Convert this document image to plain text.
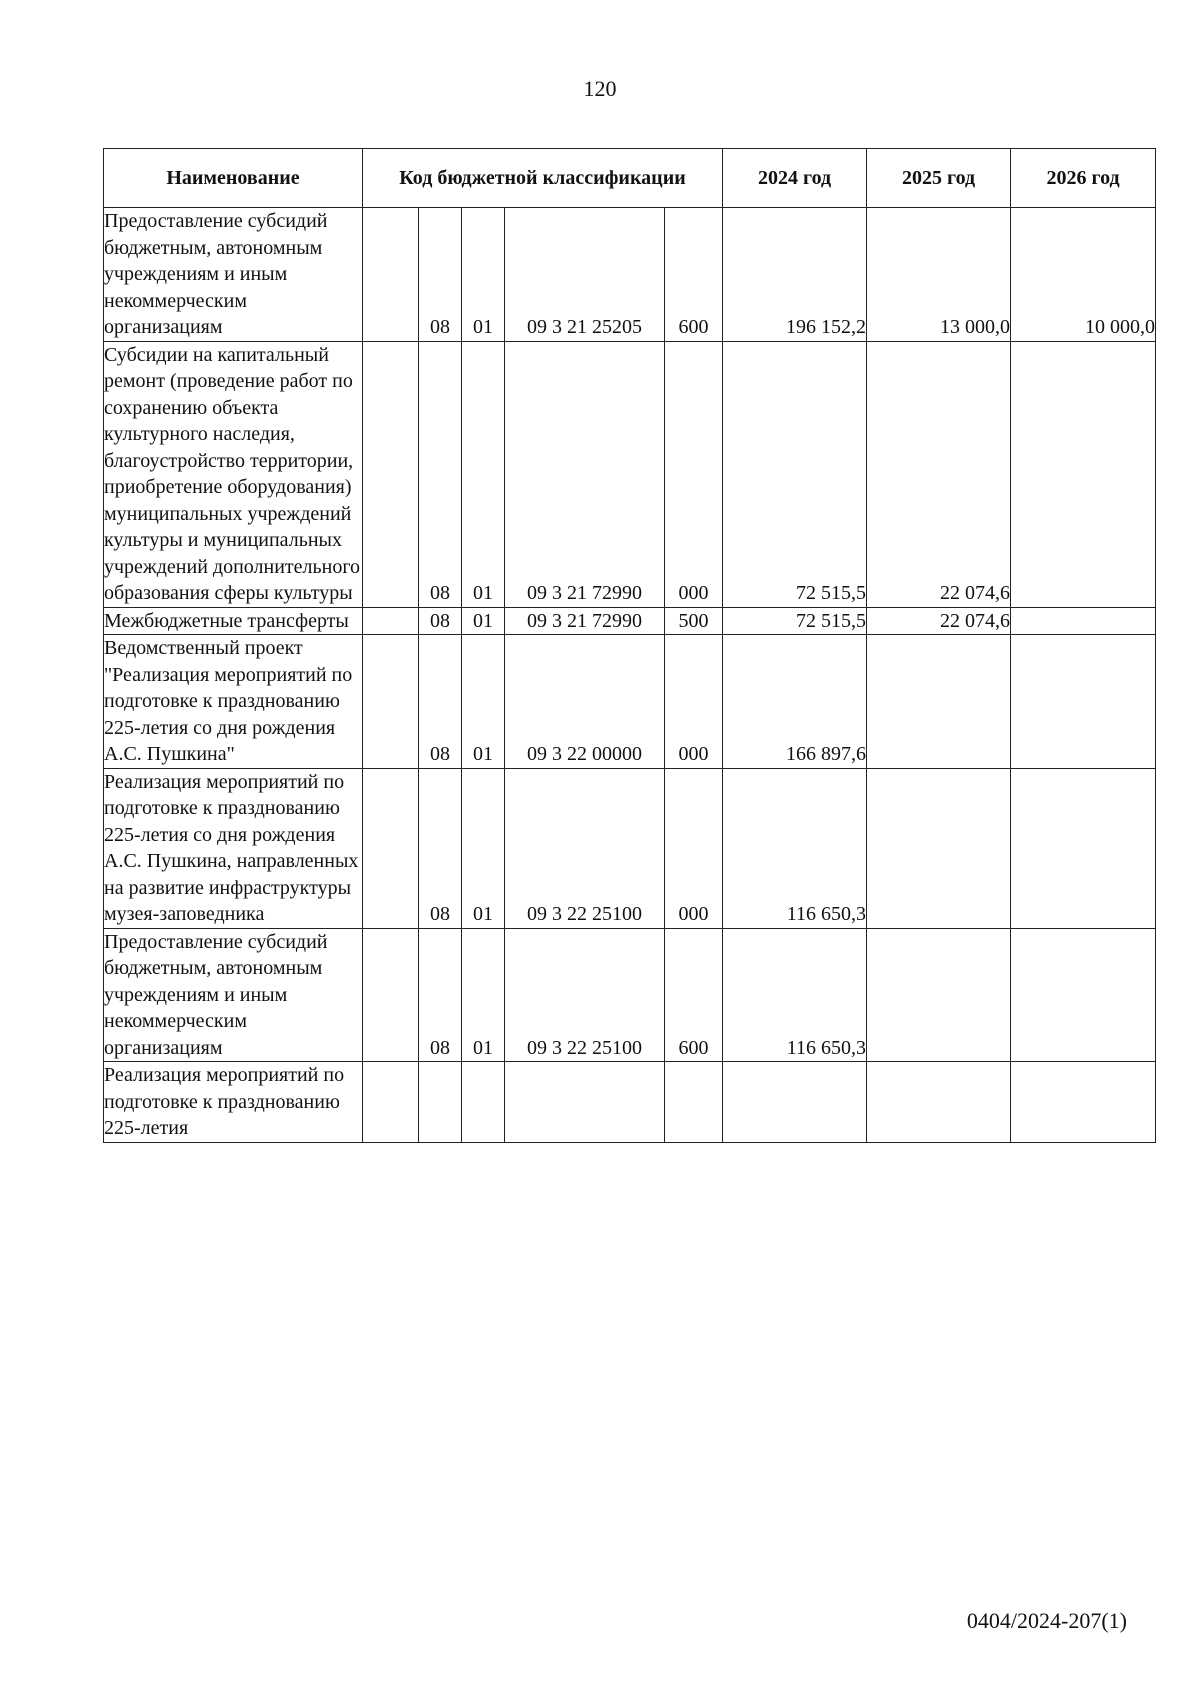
120
Наименование	Код бюджетной классификации					2024 год	2025 год	2026 год
Предоставление субсидий бюджетным, автономным учреждениям и иным некоммерческим организациям		08	01	09 3 21 25205	600	196 152,2	13 000,0	10 000,0
Субсидии на капитальный ремонт (проведение работ по сохранению объекта культурного наследия, благоустройство территории, приобретение оборудования) муниципальных учреждений культуры и муниципальных учреждений дополнительного образования сферы культуры		08	01	09 3 21 72990	000	72 515,5	22 074,6	
Межбюджетные трансферты		08	01	09 3 21 72990	500	72 515,5	22 074,6	
Ведомственный проект "Реализация мероприятий по подготовке к празднованию 225-летия со дня рождения А.С. Пушкина"		08	01	09 3 22 00000	000	166 897,6		
Реализация мероприятий по подготовке к празднованию 225-летия со дня рождения А.С. Пушкина, направленных на развитие инфраструктуры музея-заповедника		08	01	09 3 22 25100	000	116 650,3		
Предоставление субсидий бюджетным, автономным учреждениям и иным некоммерческим организациям		08	01	09 3 22 25100	600	116 650,3		
Реализация мероприятий по подготовке к празднованию 225-летия								
0404/2024-207(1)
